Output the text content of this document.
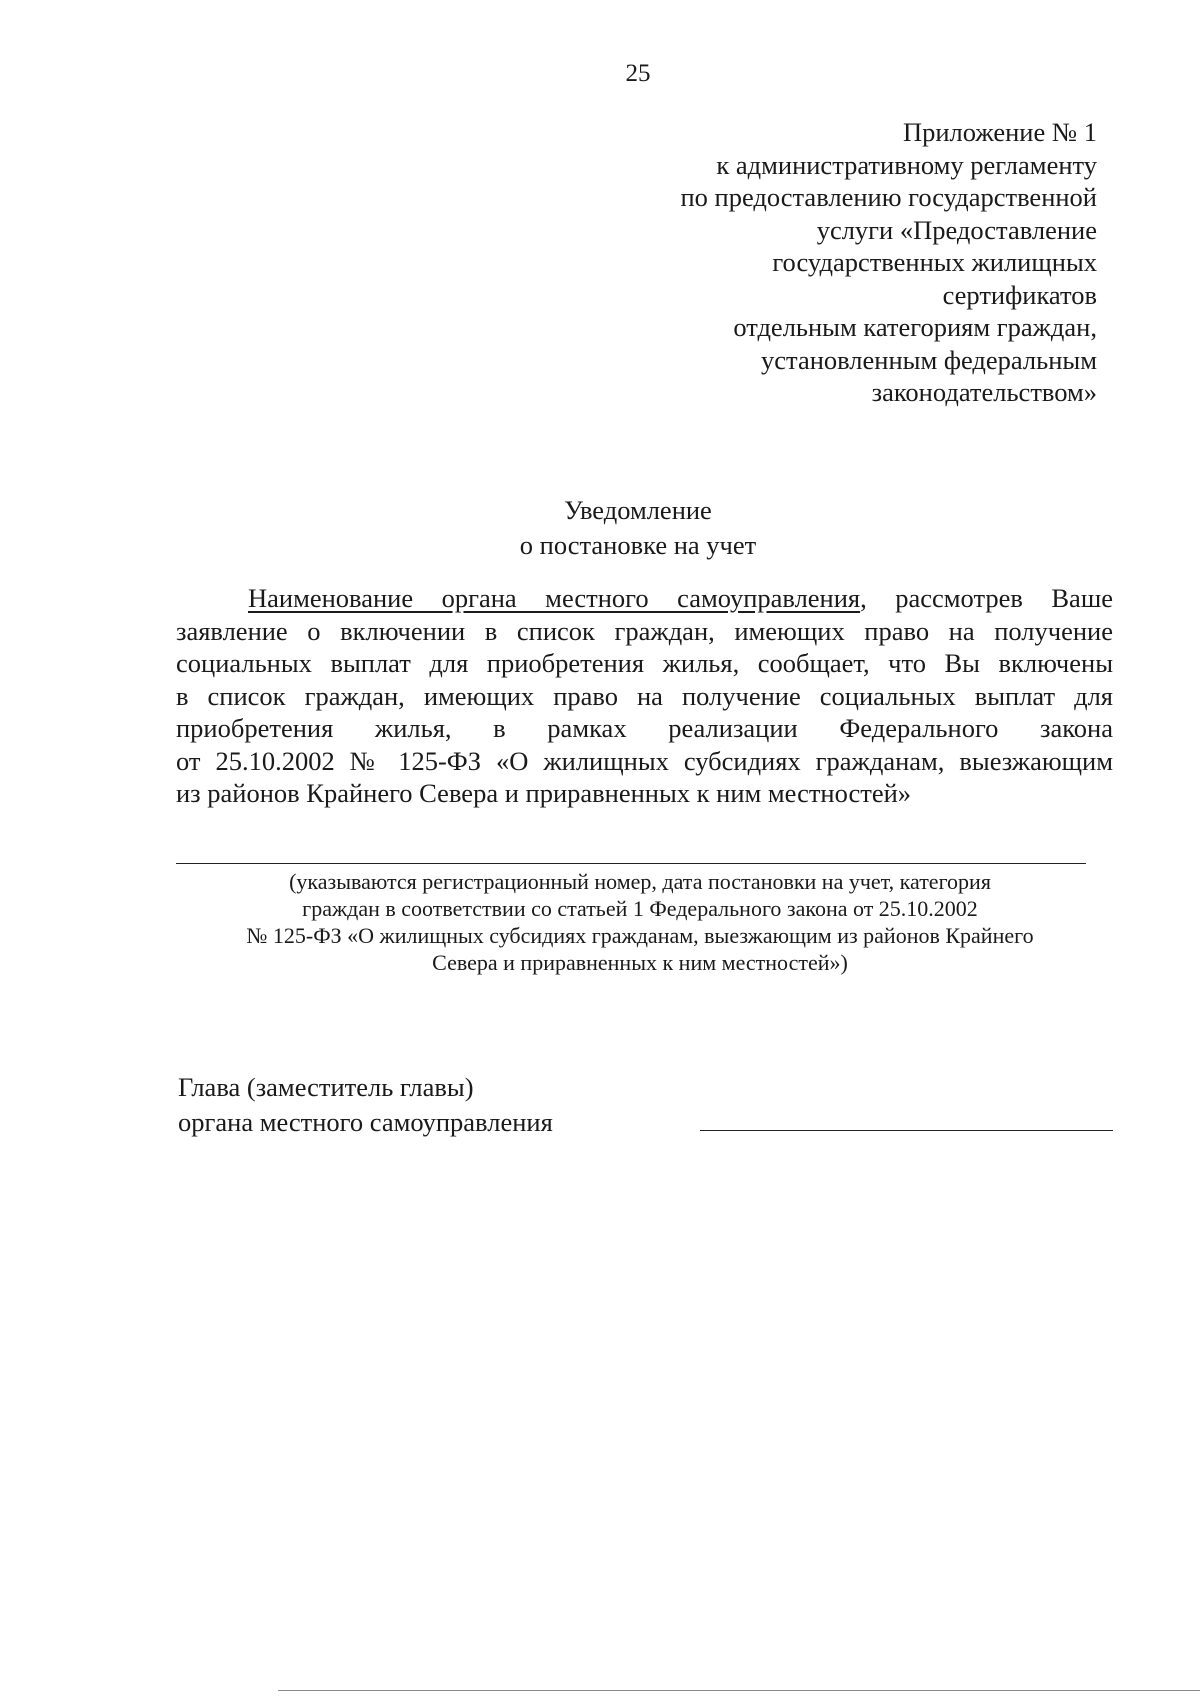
25
Приложение № 1
к административному регламенту
по предоставлению государственной
услуги «Предоставление
государственных жилищных
сертификатов
отдельным категориям граждан,
установленным федеральным
законодательством»
Уведомление
о постановке на учет
Наименование органа местного самоуправления, рассмотрев Ваше
заявление о включении в список граждан, имеющих право на получение
социальных выплат для приобретения жилья, сообщает, что Вы включены
в список граждан, имеющих право на получение социальных выплат для
приобретения жилья, в рамках реализации Федерального закона
от 25.10.2002 № 125-ФЗ «О жилищных субсидиях гражданам, выезжающим
из районов Крайнего Севера и приравненных к ним местностей»
(указываются регистрационный номер, дата постановки на учет, категория
граждан в соответствии со статьей 1 Федерального закона от 25.10.2002
№ 125-ФЗ «О жилищных субсидиях гражданам, выезжающим из районов Крайнего
Севера и приравненных к ним местностей»)
Глава (заместитель главы)
органа местного самоуправления
